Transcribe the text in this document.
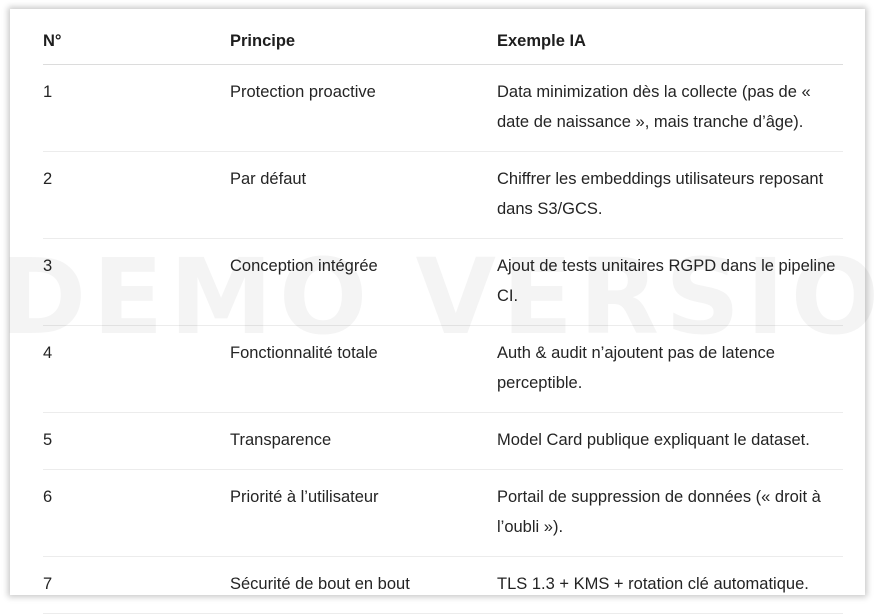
N°	Principe	Exemple IA
1	Protection proactive	Data minimization dès la collecte (pas de « date de naissance », mais tranche d’âge).
2	Par défaut	Chiffrer les embeddings utilisateurs reposant dans S3/GCS.
3	Conception intégrée	Ajout de tests unitaires RGPD dans le pipeline CI.
4	Fonctionnalité totale	Auth & audit n’ajoutent pas de latence perceptible.
5	Transparence	Model Card publique expliquant le dataset.
6	Priorité à l’utilisateur	Portail de suppression de données (« droit à l’oubli »).
7	Sécurité de bout en bout	TLS 1.3 + KMS + rotation clé automatique.
